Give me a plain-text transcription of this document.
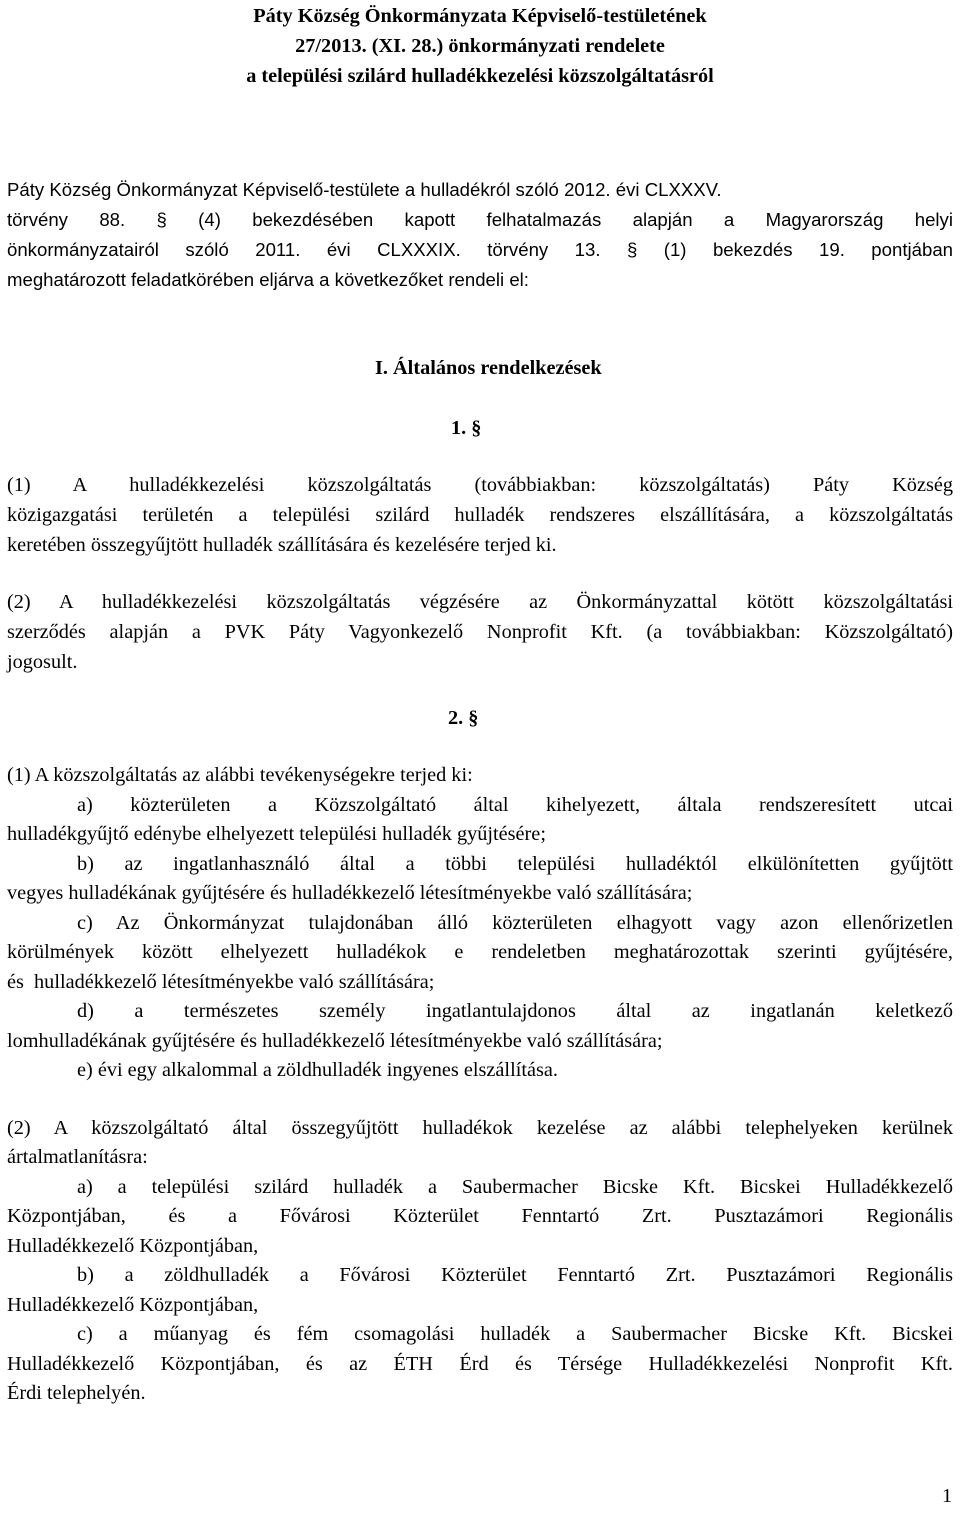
Páty Község Önkormányzata Képviselő-testületének
27/2013. (XI. 28.) önkormányzati rendelete
a települési szilárd hulladékkezelési közszolgáltatásról
Páty Község Önkormányzat Képviselő-testülete a hulladékról szóló 2012. évi CLXXXV.
törvény 88. § (4) bekezdésében kapott felhatalmazás alapján a Magyarország helyi
önkormányzatairól szóló 2011. évi CLXXXIX. törvény 13. § (1) bekezdés 19. pontjában
meghatározott feladatkörében eljárva a következőket rendeli el:
I. Általános rendelkezések
1. §
(1) A hulladékkezelési közszolgáltatás (továbbiakban: közszolgáltatás) Páty Község
közigazgatási területén a települési szilárd hulladék rendszeres elszállítására, a közszolgáltatás
keretében összegyűjtött hulladék szállítására és kezelésére terjed ki.
(2) A hulladékkezelési közszolgáltatás végzésére az Önkormányzattal kötött közszolgáltatási
szerződés alapján a PVK Páty Vagyonkezelő Nonprofit Kft. (a továbbiakban: Közszolgáltató)
jogosult.
2. §
(1) A közszolgáltatás az alábbi tevékenységekre terjed ki:
a) közterületen a Közszolgáltató által kihelyezett, általa rendszeresített utcai
hulladékgyűjtő edénybe elhelyezett települési hulladék gyűjtésére;
b) az ingatlanhasználó által a többi települési hulladéktól elkülönítetten gyűjtött
vegyes hulladékának gyűjtésére és hulladékkezelő létesítményekbe való szállítására;
c) Az Önkormányzat tulajdonában álló közterületen elhagyott vagy azon ellenőrizetlen
körülmények között elhelyezett hulladékok e rendeletben meghatározottak szerinti gyűjtésére,
és  hulladékkezelő létesítményekbe való szállítására;
d) a természetes személy ingatlantulajdonos által az ingatlanán keletkező
lomhulladékának gyűjtésére és hulladékkezelő létesítményekbe való szállítására;
e) évi egy alkalommal a zöldhulladék ingyenes elszállítása.
(2) A közszolgáltató által összegyűjtött hulladékok kezelése az alábbi telephelyeken kerülnek
ártalmatlanításra:
a) a települési szilárd hulladék a Saubermacher Bicske Kft. Bicskei Hulladékkezelő
Központjában, és a Fővárosi Közterület Fenntartó Zrt. Pusztazámori Regionális
Hulladékkezelő Központjában,
b) a zöldhulladék a Fővárosi Közterület Fenntartó Zrt. Pusztazámori Regionális
Hulladékkezelő Központjában,
c) a műanyag és fém csomagolási hulladék a Saubermacher Bicske Kft. Bicskei
Hulladékkezelő Központjában, és az ÉTH Érd és Térsége Hulladékkezelési Nonprofit Kft.
Érdi telephelyén.
1
